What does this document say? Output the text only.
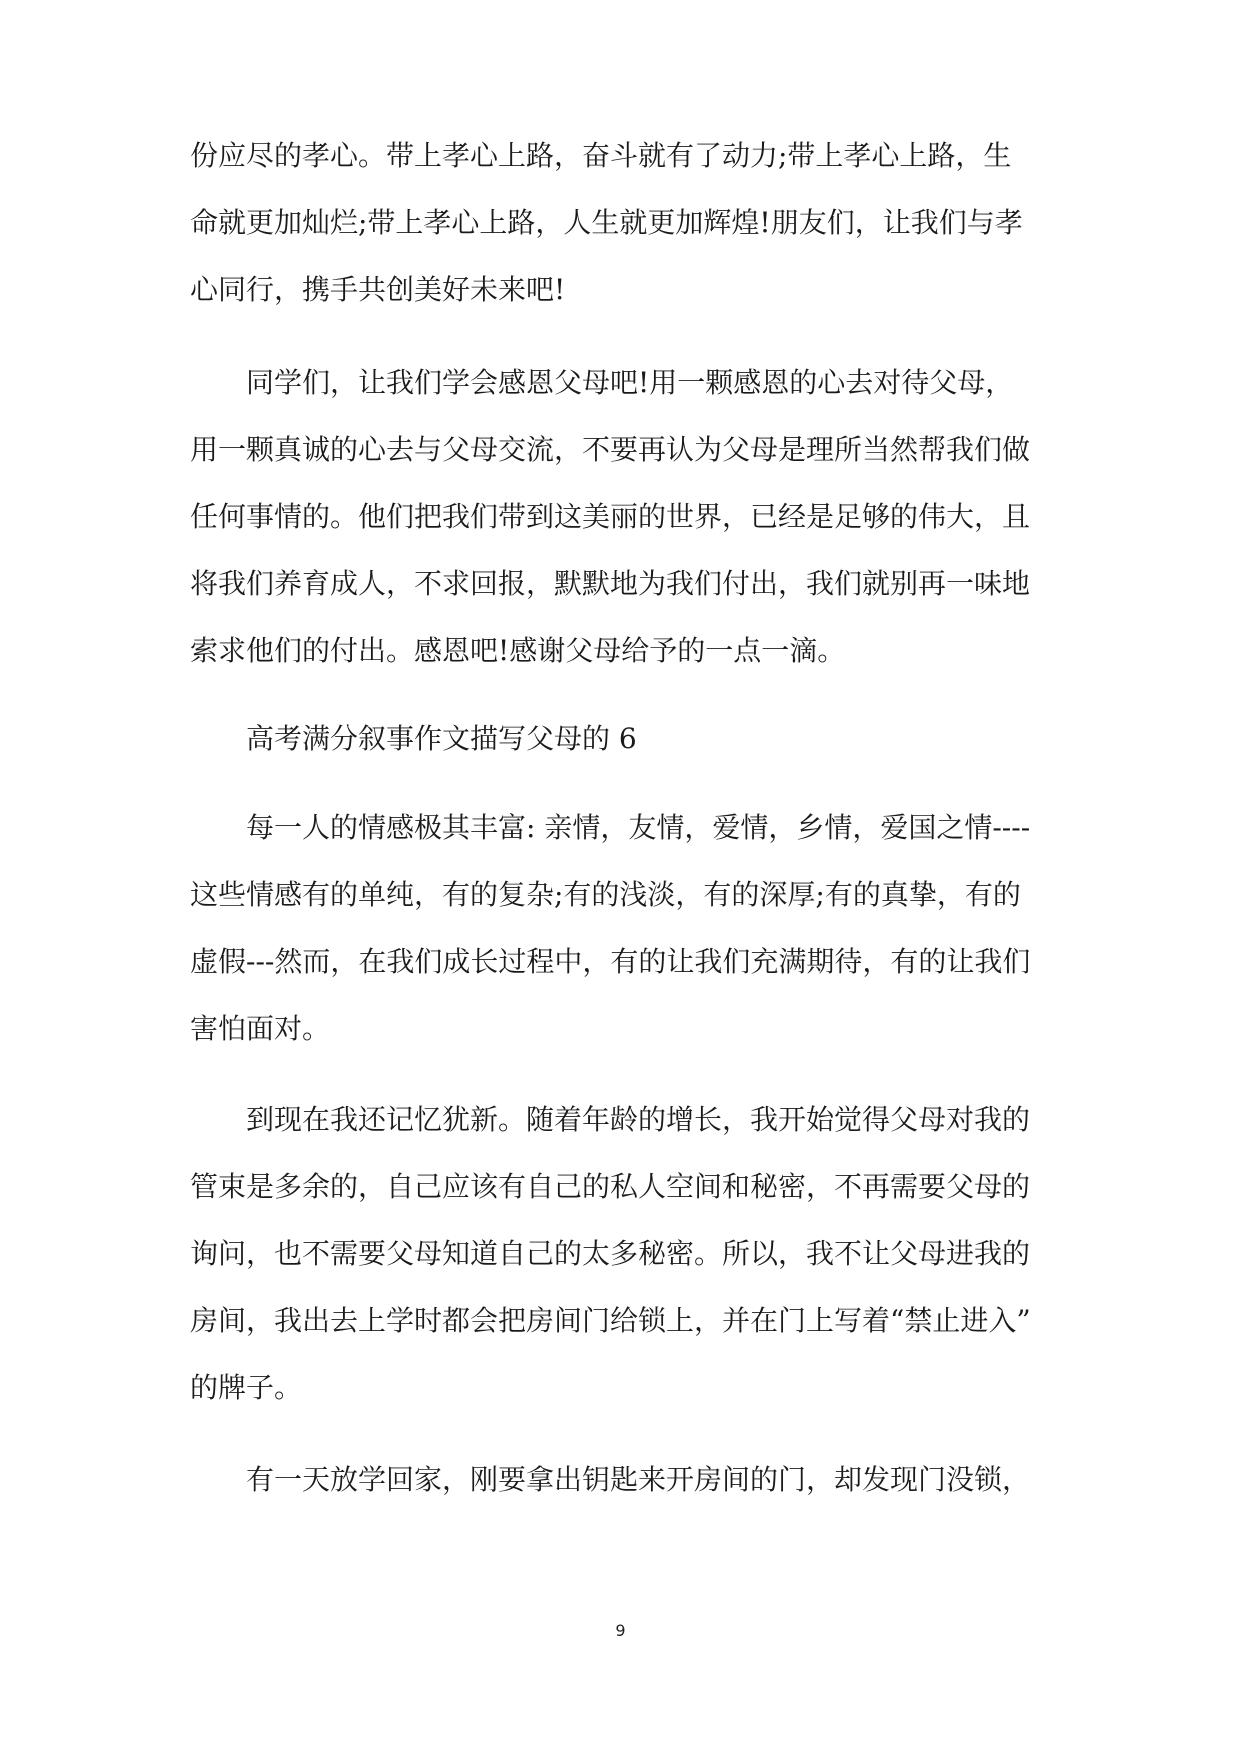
份应尽的孝心。带上孝心上路，奋斗就有了动力;带上孝心上路，生
命就更加灿烂;带上孝心上路，人生就更加辉煌!朋友们，让我们与孝
心同行，携手共创美好未来吧!
同学们，让我们学会感恩父母吧!用一颗感恩的心去对待父母，
用一颗真诚的心去与父母交流，不要再认为父母是理所当然帮我们做
任何事情的。他们把我们带到这美丽的世界，已经是足够的伟大，且
将我们养育成人，不求回报，默默地为我们付出，我们就别再一味地
索求他们的付出。感恩吧!感谢父母给予的一点一滴。
高考满分叙事作文描写父母的 6
每一人的情感极其丰富: 亲情，友情，爱情，乡情，爱国之情----
这些情感有的单纯，有的复杂;有的浅淡，有的深厚;有的真挚，有的
虚假---然而，在我们成长过程中，有的让我们充满期待，有的让我们
害怕面对。
到现在我还记忆犹新。随着年龄的增长，我开始觉得父母对我的
管束是多余的，自己应该有自己的私人空间和秘密，不再需要父母的
询问，也不需要父母知道自己的太多秘密。所以，我不让父母进我的
房间，我出去上学时都会把房间门给锁上，并在门上写着“禁止进入”
的牌子。
有一天放学回家，刚要拿出钥匙来开房间的门，却发现门没锁，
9
